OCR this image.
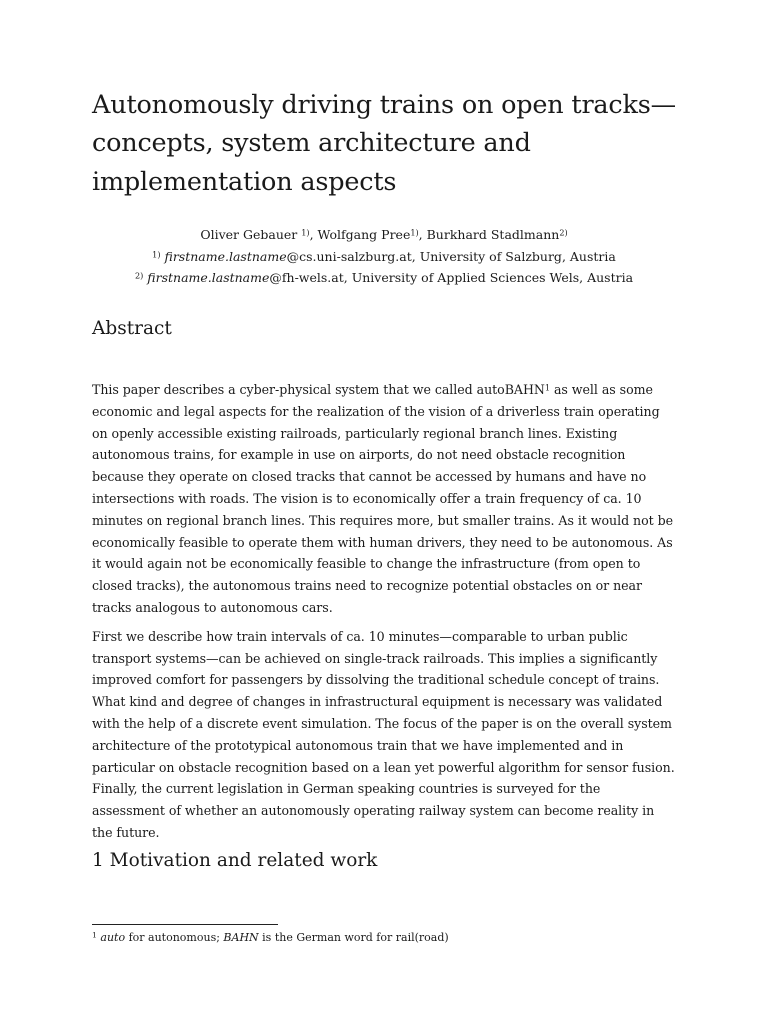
Autonomously driving trains on open tracks—concepts, system architecture and implementation aspects

Oliver Gebauer $^{1)}$, Wolfgang Pree$^{1)}$, Burkhard Stadlmann$^{2)}$

$^{1)}$ firstname.lastname@cs.uni-salzburg.at, University of Salzburg, Austria

$^{2)}$ firstname.lastname@fh-wels.at, University of Applied Sciences Wels, Austria

Abstract

This paper describes a cyber-physical system that we called autoBAHN$^1$ as well as some economic and legal aspects for the realization of the vision of a driverless train operating on openly accessible existing railroads, particularly regional branch lines. Existing autonomous trains, for example in use on airports, do not need obstacle recognition because they operate on closed tracks that cannot be accessed by humans and have no intersections with roads. The vision is to economically offer a train frequency of ca. 10 minutes on regional branch lines. This requires more, but smaller trains. As it would not be economically feasible to operate them with human drivers, they need to be autonomous. As it would again not be economically feasible to change the infrastructure (from open to closed tracks), the autonomous trains need to recognize potential obstacles on or near tracks analogous to autonomous cars.

First we describe how train intervals of ca. 10 minutes—comparable to urban public transport systems—can be achieved on single-track railroads. This implies a significantly improved comfort for passengers by dissolving the traditional schedule concept of trains. What kind and degree of changes in infrastructural equipment is necessary was validated with the help of a discrete event simulation. The focus of the paper is on the overall system architecture of the prototypical autonomous train that we have implemented and in particular on obstacle recognition based on a lean yet powerful algorithm for sensor fusion. Finally, the current legislation in German speaking countries is surveyed for the assessment of whether an autonomously operating railway system can become reality in the future.

1 Motivation and related work
$^1$ auto for autonomous; BAHN is the German word for rail(road)
